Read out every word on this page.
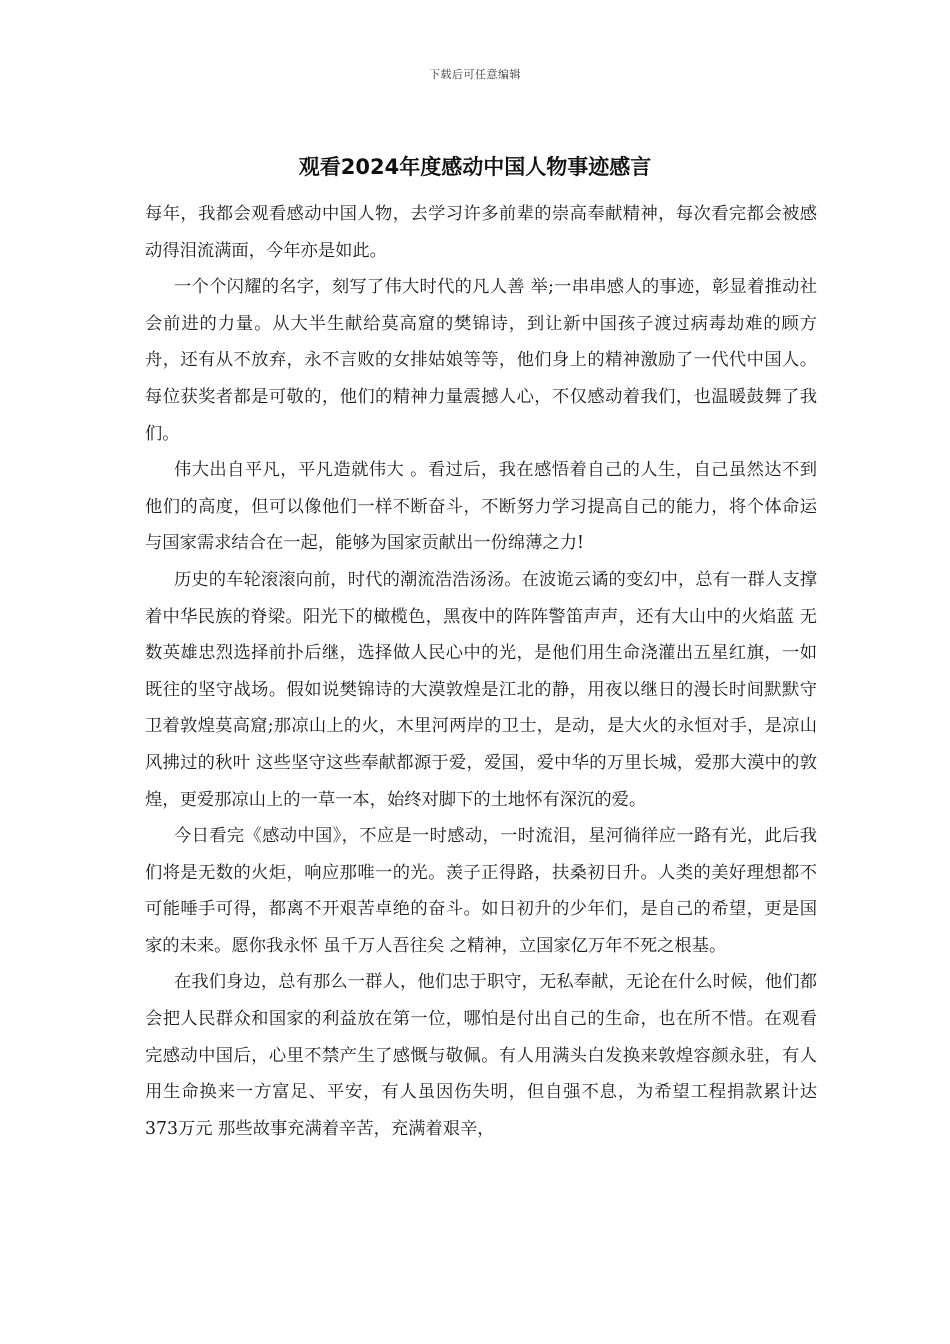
下载后可任意编辑
观看2024年度感动中国人物事迹感言

每年，我都会观看感动中国人物，去学习许多前辈的崇高奉献精神，每次看完都会被感动得泪流满面，今年亦是如此。

一个个闪耀的名字，刻写了伟大时代的凡人善 举;一串串感人的事迹，彰显着推动社会前进的力量。从大半生献给莫高窟的樊锦诗，到让新中国孩子渡过病毒劫难的顾方舟，还有从不放弃，永不言败的女排姑娘等等，他们身上的精神激励了一代代中国人。每位获奖者都是可敬的，他们的精神力量震撼人心，不仅感动着我们，也温暖鼓舞了我们。

伟大出自平凡，平凡造就伟大 。看过后，我在感悟着自己的人生，自己虽然达不到他们的高度，但可以像他们一样不断奋斗，不断努力学习提高自己的能力，将个体命运与国家需求结合在一起，能够为国家贡献出一份绵薄之力!

历史的车轮滚滚向前，时代的潮流浩浩汤汤。在波诡云谲的变幻中，总有一群人支撑着中华民族的脊梁。阳光下的橄榄色，黑夜中的阵阵警笛声声，还有大山中的火焰蓝 无数英雄忠烈选择前扑后继，选择做人民心中的光，是他们用生命浇灌出五星红旗，一如既往的坚守战场。假如说樊锦诗的大漠敦煌是江北的静，用夜以继日的漫长时间默默守卫着敦煌莫高窟;那凉山上的火，木里河两岸的卫士，是动，是大火的永恒对手，是凉山风拂过的秋叶 这些坚守这些奉献都源于爱，爱国，爱中华的万里长城，爱那大漠中的敦煌，更爱那凉山上的一草一本，始终对脚下的土地怀有深沉的爱。

今日看完《感动中国》，不应是一时感动，一时流泪，星河徜徉应一路有光，此后我们将是无数的火炬，响应那唯一的光。羡子正得路，扶桑初日升。人类的美好理想都不可能唾手可得，都离不开艰苦卓绝的奋斗。如日初升的少年们，是自己的希望，更是国家的未来。愿你我永怀 虽千万人吾往矣 之精神，立国家亿万年不死之根基。

在我们身边，总有那么一群人，他们忠于职守，无私奉献，无论在什么时候，他们都会把人民群众和国家的利益放在第一位，哪怕是付出自己的生命，也在所不惜。在观看完感动中国后，心里不禁产生了感慨与敬佩。有人用满头白发换来敦煌容颜永驻，有人用生命换来一方富足、平安，有人虽因伤失明，但自强不息，为希望工程捐款累计达373万元 那些故事充满着辛苦，充满着艰辛，
